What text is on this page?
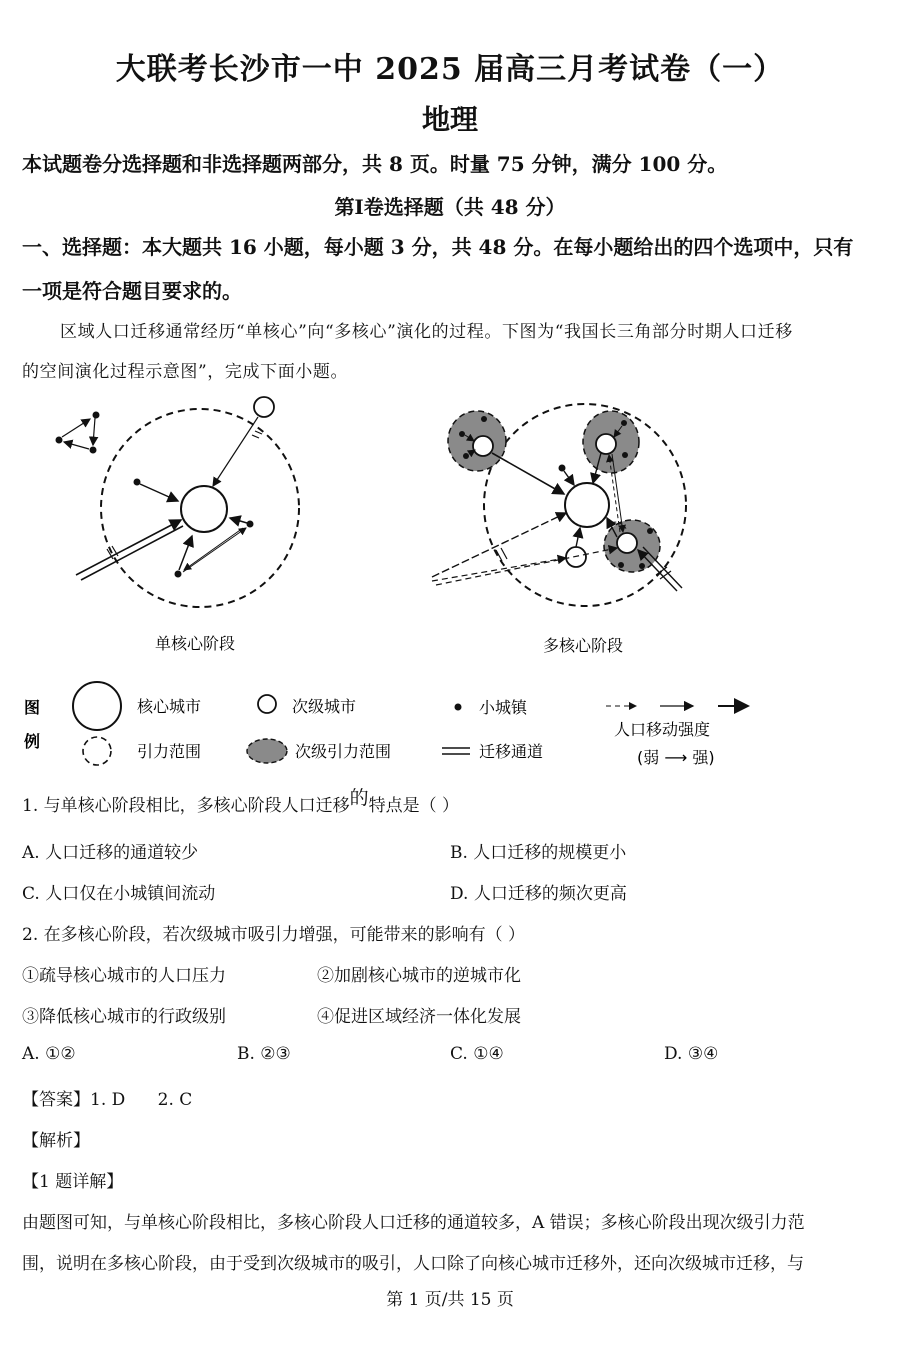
大联考长沙市一中 2025 届高三月考试卷（一）
地理
本试题卷分选择题和非选择题两部分，共 8 页。时量 75 分钟，满分 100 分。
第Ⅰ卷选择题（共 48 分）
一、选择题：本大题共 16 小题，每小题 3 分，共 48 分。在每小题给出的四个选项中，只有
一项是符合题目要求的。
区域人口迁移通常经历“单核心”向“多核心”演化的过程。下图为“我国长三角部分时期人口迁移
的空间演化过程示意图”，完成下面小题。
单核心阶段	多核心阶段
图
例
核心城市	次级城市	小城镇
人口移动强度
(弱 ⟶ 强)
引力范围	次级引力范围	迁移通道
1. 与单核心阶段相比，多核心阶段人口迁移的特点是（ ）
A. 人口迁移的通道较少	B. 人口迁移的规模更小
C. 人口仅在小城镇间流动	D. 人口迁移的频次更高
2. 在多核心阶段，若次级城市吸引力增强，可能带来的影响有（ ）
①疏导核心城市的人口压力	②加剧核心城市的逆城市化
③降低核心城市的行政级别	④促进区域经济一体化发展
A. ①②	B. ②③	C. ①④	D. ③④
【答案】1. D      2. C
【解析】
【1 题详解】
由题图可知，与单核心阶段相比，多核心阶段人口迁移的通道较多，A 错误；多核心阶段出现次级引力范
围，说明在多核心阶段，由于受到次级城市的吸引，人口除了向核心城市迁移外，还向次级城市迁移，与
第 1 页/共 15 页
